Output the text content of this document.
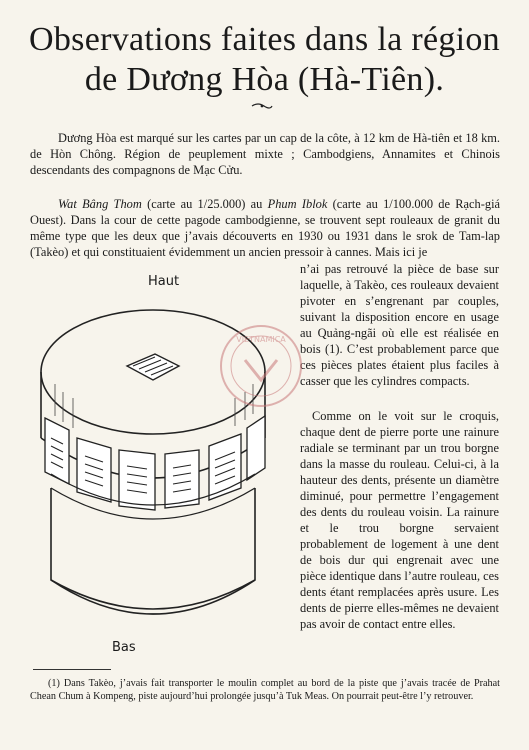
Observations faites dans la région
de Dương Hòa (Hà-Tiên).

Dương Hòa est marqué sur les cartes par un cap de la côte, à 12 km de Hà-tiên et 18 km. de Hòn Chông. Région de peuplement mixte ; Cambodgiens, Annamites et Chinois descendants des compagnons de Mạc Cửu.

Wat Bâng Thom (carte au 1/25.000) au Phum Iblok (carte au 1/100.000 de Rạch-giá Ouest). Dans la cour de cette pagode cambodgienne, se trouvent sept rouleaux de granit du même type que les deux que j’avais découverts en 1930 ou 1931 dans le srok de Tam-lap (Takèo) et qui constituaient évidemment un ancien pressoir à cannes. Mais ici je

n’ai pas retrouvé la pièce de base sur laquelle, à Takèo, ces rouleaux devaient pivoter en s’engrenant par couples, suivant la disposition encore en usage au Quảng-ngãi où elle est réalisée en bois (1). C’est probablement parce que ces pièces plates étaient plus faciles à casser que les cylindres compacts.

Comme on le voit sur le croquis, chaque dent de pierre porte une rainure radiale se terminant par un trou borgne dans la masse du rouleau. Celui-ci, à la hauteur des dents, présente un diamètre diminué, pour permettre l’engagement des dents du rouleau voisin. La rainure et le trou borgne servaient probablement de logement à une dent de bois dur qui engrenait avec une pièce identique dans l’autre rouleau, ces dents étant remplacées après usure. Les dents de pierre elles-mêmes ne devaient pas avoir de contact entre elles.

Haut
Bas
VIETNAMICA
(1) Dans Takèo, j’avais fait transporter le moulin complet au bord de la piste que j’avais tracée de Prahat Chean Chum à Kompeng, piste aujourd’hui prolongée jusqu’à Tuk Meas. On pourrait peut-être l’y retrouver.
